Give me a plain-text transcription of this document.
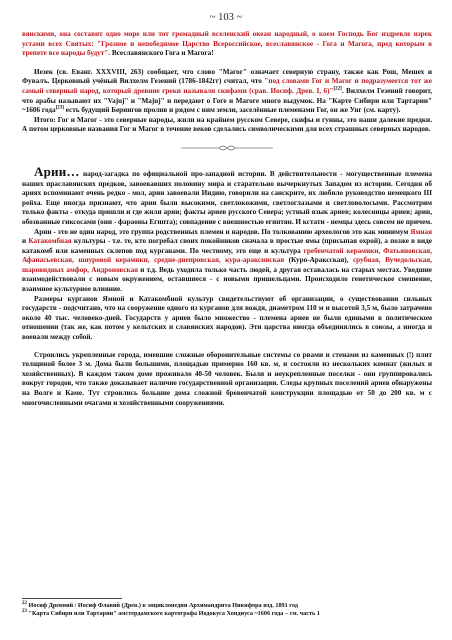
~ 103 ~

вянскими, она составит одно море или тот громадный вселенский океан народный, о коем Господь Бог издревле изрек устами всех Святых: "Грозное и непобедимое Царство Всероссийское, всеславянское - Гога и Магога, пред которым в трепете все народы будут". Всеславянского Гога и Магога!

Иезек (св. Еванг. XXXVIII, 263) сообщает, что слово "Магог" означает северную страну, также как Рош, Мешех и Фувалъ. Церковный учёный Вилхелм Гезений (1786-1842гг) считал, что "под словами Гог и Магог и подразумеется тот же самый северный народ, который древние греки называли скифами (срав. Иосиф. Древ. I, 6)"[22]. Вилхелм Гезений говорит, что арабы называют их "Vajuj" и "Majuj" и передают о Гоге и Магоге много выдумок. На "Карте Сибири или Тартарии" ~1606 года[23] есть будущий Берингов пролив и рядом с ним земли, заселённые племенами Гог, он же Унг (см. карту).

Итого: Гог и Магог - это северные народы, жили на крайнем русском Севере, скифы и гунны, это наши далекие предки. А потом церковные названия Гог и Магог в течение веков сделались символическими для всех страшных северных народов.

Арии… народ-загадка по официальной про-западной истории. В действительности - могущественные племена наших праславянских предков, завоевавших половину мира и старательно вычеркнутых Западом из истории. Сегодня об ариях вспоминают очень редко - мол, арии завоевали Индию, говорили на санскрите, их любило руководство немецкого III рейха. Еще иногда признают, что арии были высокими, светлокожими, светлоглазыми и светловолосыми. Рассмотрим только факты - откуда пришли и где жили арии; факты ариев русского Севера; устный язык ариев; колесницы ариев; арии, обозванные гиксосами (они - фараоны Египта); совпадение с внешностью египтян. И кстати - немцы здесь совсем не причем.

Арии - это не один народ, это группа родственных племен и народов. По толкованию археологов это как минимум Ямная и Катакомбная культуры - т.е. те, кто погребал своих покойников сначала в простые ямы (присыпая охрой), а позже в виде катакомб или каменных склепов под курганами. По честному, это еще и культура гребенчатой керамики, Фатьяновская, Афанасьевская, шнуровой керамики, средне-днепровская, кура-араксинская (Куро-Араксская), срубная, Вучедольская, шаровидных амфор, Андроновская и т.д. Ведь уходила только часть людей, а другая оставалась на старых местах. Уведшие взаимодействовали с новым окружением, оставшиеся - с новыми пришельцами. Происходило генетическое смешение, взаимное культурное влияние.

Размеры курганов Ямной и Катакомбной культур свидетельствуют об организации, о существовании сильных государств - подсчитано, что на сооружение одного из курганов для вождя, диаметром 110 м и высотой 3,5 м, было затрачено около 40 тыс. человеко-дней. Государств у ариев было множество - племена ариев не были едиными в политическом отношении (так же, как потом у кельтских и славянских народов). Эти царства иногда объединялись в союзы, а иногда и воевали между собой.

Строились укрепленные города, имевшие сложные оборонительные системы со рвами и стенами из каменных (!) плит толщиной более 3 м. Дома были большими, площадью примерно 160 кв. м, и состояли из нескольких комнат (жилых и хозяйственных). В каждом таком доме проживало 40-50 человек. Были и неукрепленные поселки - они группировались вокруг городов, что также доказывает наличие государственной организации. Следы крупных поселений ариев обнаружены на Волге и Каме. Тут строились большие дома сложной бревенчатой конструкции площадью от 50 до 200 кв. м с многочисленными очагами и хозяйственными сооружениями.

$^{22}$ Иосиф Древний / Иосиф Флавий (Древ.) в энциклопедии Архимандрита Никифора изд. 1891 год
$^{23}$ "Карта Сибири или Тартарии" амстердамского картографа Иодокуса Хондиуса ~1606 года – см. часть 1
